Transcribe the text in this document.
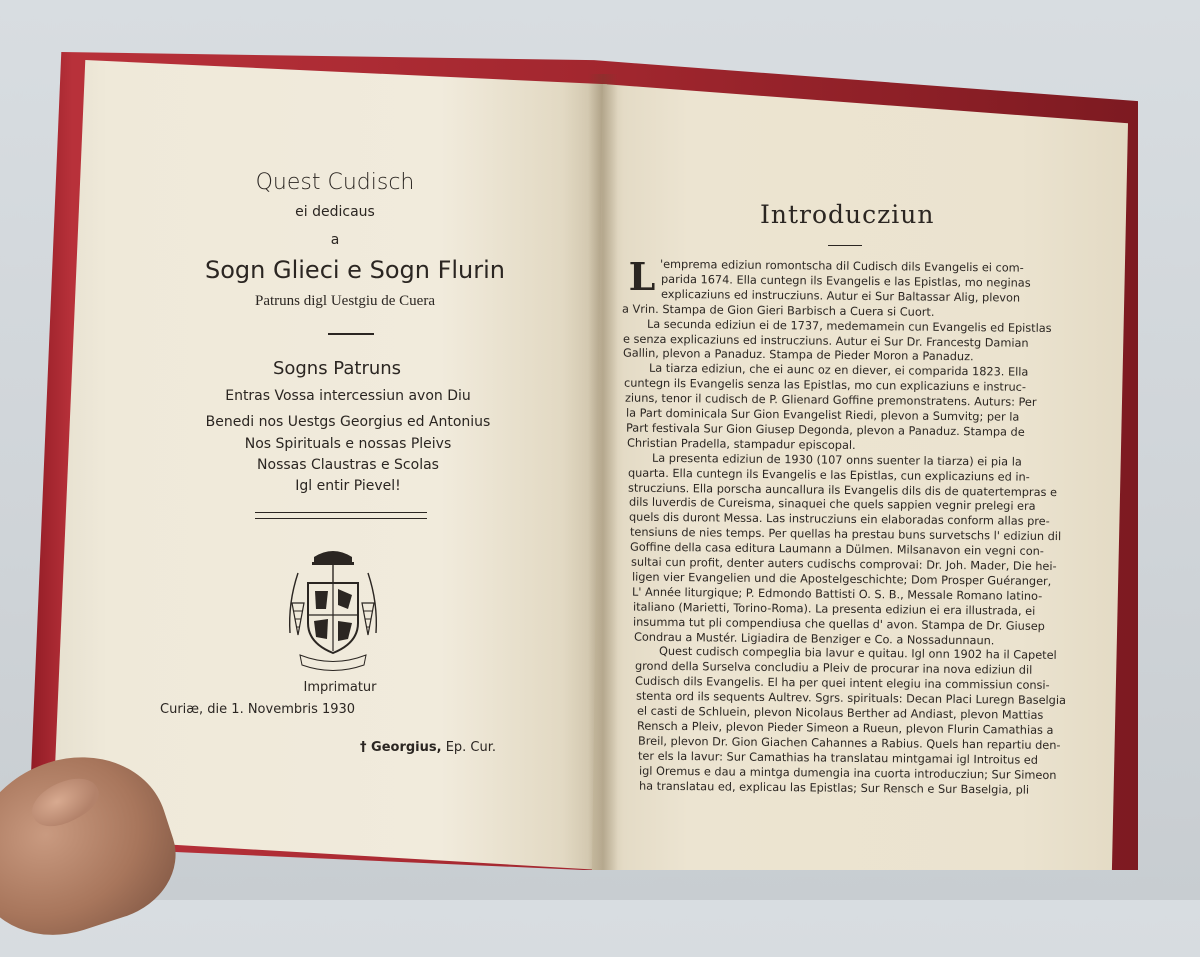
Quest Cudisch
ei dedicaus
a
Sogn Glieci e Sogn Flurin
Patruns digl Uestgiu de Cuera
Sogns Patruns
Entras Vossa intercessiun avon Diu
Benedi nos Uestgs Georgius ed Antonius
Nos Spirituals e nossas Pleivs
Nossas Claustras e Scolas
Igl entir Pievel!
Imprimatur
Curiæ, die 1. Novembris 1930
† Georgius, Ep. Cur.
Introducziun
L 'emprema ediziun romontscha dil Cudisch dils Evangelis ei com-
parida 1674. Ella cuntegn ils Evangelis e las Epistlas, mo neginas
explicaziuns ed instrucziuns. Autur ei Sur Baltassar Alig, plevon
a Vrin. Stampa de Gion Gieri Barbisch a Cuera si Cuort.
La secunda ediziun ei de 1737, medemamein cun Evangelis ed Epistlas
e senza explicaziuns ed instrucziuns. Autur ei Sur Dr. Francestg Damian
Gallin, plevon a Panaduz. Stampa de Pieder Moron a Panaduz.
La tiarza ediziun, che ei aunc oz en diever, ei comparida 1823. Ella
cuntegn ils Evangelis senza las Epistlas, mo cun explicaziuns e instruc-
ziuns, tenor il cudisch de P. Glienard Goffine premonstratens. Auturs: Per
la Part dominicala Sur Gion Evangelist Riedi, plevon a Sumvitg; per la
Part festivala Sur Gion Giusep Degonda, plevon a Panaduz. Stampa de
Christian Pradella, stampadur episcopal.
La presenta ediziun de 1930 (107 onns suenter la tiarza) ei pia la
quarta. Ella cuntegn ils Evangelis e las Epistlas, cun explicaziuns ed in-
strucziuns. Ella porscha auncallura ils Evangelis dils dis de quatertempras e
dils luverdis de Cureisma, sinaquei che quels sappien vegnir prelegi era
quels dis duront Messa. Las instrucziuns ein elaboradas conform allas pre-
tensiuns de nies temps. Per quellas ha prestau buns survetschs l' ediziun dil
Goffine della casa editura Laumann a Dülmen. Milsanavon ein vegni con-
sultai cun profit, denter auters cudischs comprovai: Dr. Joh. Mader, Die hei-
ligen vier Evangelien und die Apostelgeschichte; Dom Prosper Guéranger,
L' Année liturgique; P. Edmondo Battisti O. S. B., Messale Romano latino-
italiano (Marietti, Torino-Roma). La presenta ediziun ei era illustrada, ei
insumma tut pli compendiusa che quellas d' avon. Stampa de Dr. Giusep
Condrau a Mustér. Ligiadira de Benziger e Co. a Nossadunnaun.
Quest cudisch compeglia bia lavur e quitau. Igl onn 1902 ha il Capetel
grond della Surselva concludiu a Pleiv de procurar ina nova ediziun dil
Cudisch dils Evangelis. El ha per quei intent elegiu ina commissiun consi-
stenta ord ils sequents Aultrev. Sgrs. spirituals: Decan Placi Luregn Baselgia
el casti de Schluein, plevon Nicolaus Berther ad Andiast, plevon Mattias
Rensch a Pleiv, plevon Pieder Simeon a Rueun, plevon Flurin Camathias a
Breil, plevon Dr. Gion Giachen Cahannes a Rabius. Quels han repartiu den-
ter els la lavur: Sur Camathias ha translatau mintgamai igl Introitus ed
igl Oremus e dau a mintga dumengia ina cuorta introducziun; Sur Simeon
ha translatau ed, explicau las Epistlas; Sur Rensch e Sur Baselgia, pli
